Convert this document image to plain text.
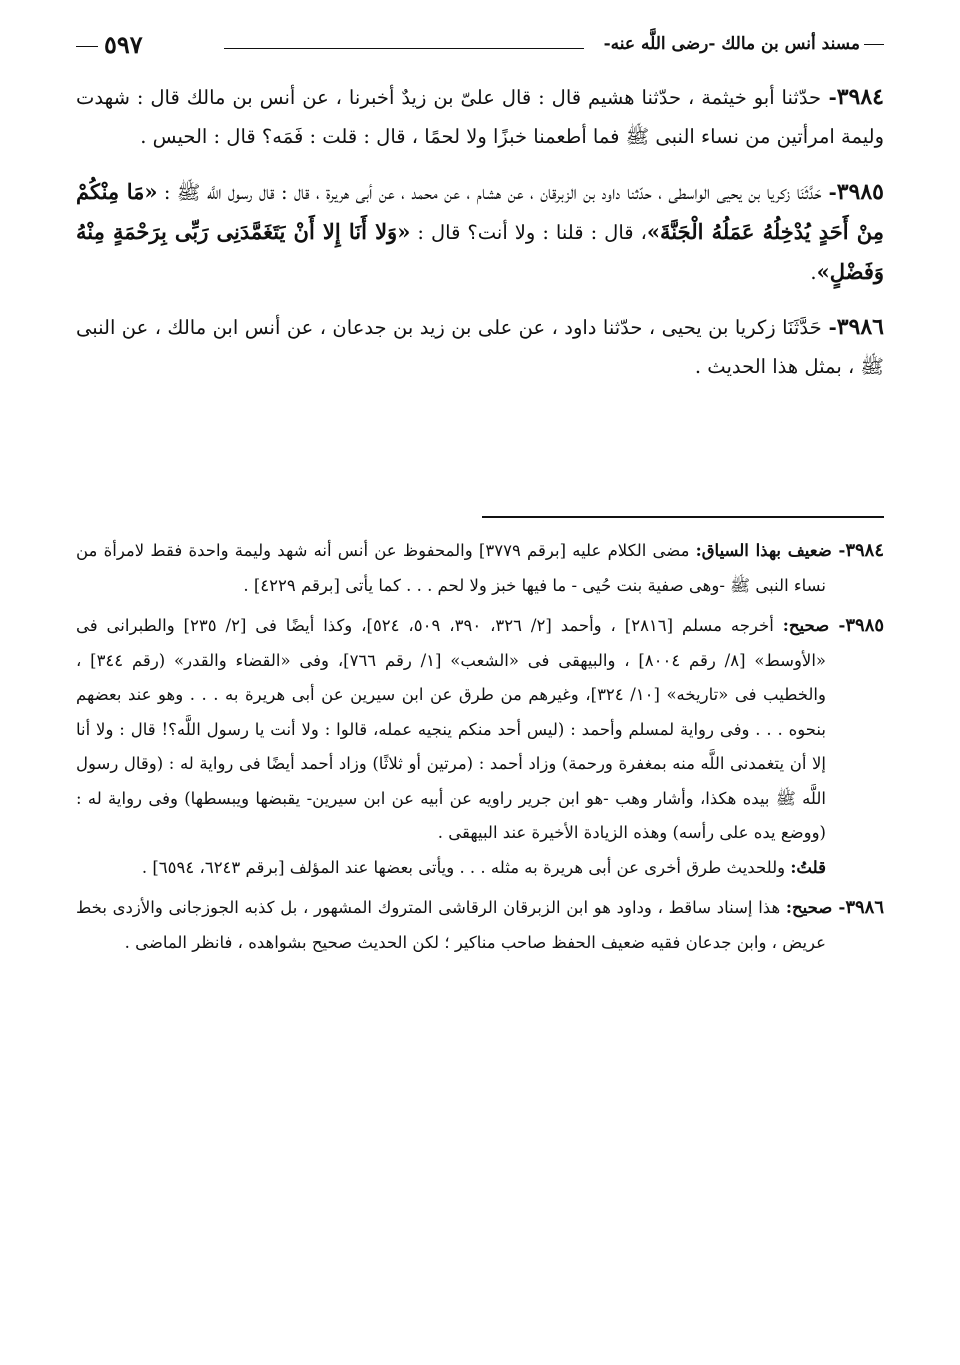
مسند أنس بن مالك -رضى اللَّه عنه-
٥٩٧

٣٩٨٤- حدّثنا أبو خيثمة ، حدّثنا هشيم قال : قال علىّ بن زيدٌ أخبرنا ، عن أنس بن مالك قال : شهدت وليمة امرأتين من نساء النبى ﷺ فما أطعمنا خبزًا ولا لحمًا ، قال : قلت : فَمَه؟ قال : الحيس .

٣٩٨٥- حَدَّثَنَا زكريا بن يحيى الواسطى ، حدّثنا داود بن الزبرقان ، عن هشام ، عن محمد ، عن أبى هريرة ، قال : قال رسول اللَّه ﷺ : «مَا مِنْكُمْ مِنْ أَحَدٍ يُدْخِلُهُ عَمَلُهُ الْجَنَّةَ»، قال : قلنا : ولا أنت؟ قال : «وَلا أَنَا إِلا أَنْ يَتَغَمَّدَنِى رَبِّى بِرَحْمَةٍ مِنْهُ وَفَضْلٍ».

٣٩٨٦- حَدَّثَنَا زكريا بن يحيى ، حدّثنا داود ، عن على بن زيد بن جدعان ، عن أنس ابن مالك ، عن النبى ﷺ ، بمثل هذا الحديث .

٣٩٨٤- ضعيف بهذا السياق: مضى الكلام عليه [برقم ٣٧٧٩] والمحفوظ عن أنس أنه شهد وليمة واحدة فقط لامرأة من نساء النبى ﷺ -وهى صفية بنت حُيى - ما فيها خبز ولا لحم . . . كما يأتى [برقم ٤٢٢٩] .

٣٩٨٥- صحيح: أخرجه مسلم [٢٨١٦] ، وأحمد [٢/ ٣٢٦، ٣٩٠، ٥٠٩، ٥٢٤]، وكذا أيضًا فى [٢/ ٢٣٥] والطبرانى فى «الأوسط» [٨/ رقم ٨٠٠٤] ، والبيهقى فى «الشعب» [١/ رقم ٧٦٦]، وفى «القضاء والقدر» (رقم ٣٤٤] ، والخطيب فى «تاريخه» [١٠/ ٣٢٤]، وغيرهم من طرق عن ابن سيرين عن أبى هريرة به . . . وهو عند بعضهم بنحوه . . . وفى رواية لمسلم وأحمد : (ليس أحد منكم ينجيه عمله، قالوا : ولا أنت يا رسول اللَّه؟! قال : ولا أنا إلا أن يتغمدنى اللَّه منه بمغفرة ورحمة) وزاد أحمد : (مرتين أو ثلاثًا) وزاد أحمد أيضًا فى رواية له : (وقال رسول اللَّه ﷺ بيده هكذا، وأشار وهب -هو ابن جرير راويه عن أبيه عن ابن سيرين- يقبضها ويبسطها) وفى رواية له : (ووضع يده على رأسه) وهذه الزيادة الأخيرة عند البيهقى .

قلتُ: وللحديث طرق أخرى عن أبى هريرة به مثله . . . ويأتى بعضها عند المؤلف [برقم ٦٢٤٣، ٦٥٩٤] .

٣٩٨٦- صحيح: هذا إسناد ساقط ، وداود هو ابن الزبرقان الرقاشى المتروك المشهور ، بل كذبه الجوزجانى والأزدى بخط عريض ، وابن جدعان فقيه ضعيف الحفظ صاحب مناكير ؛ لكن الحديث صحيح بشواهده ، فانظر الماضى .
